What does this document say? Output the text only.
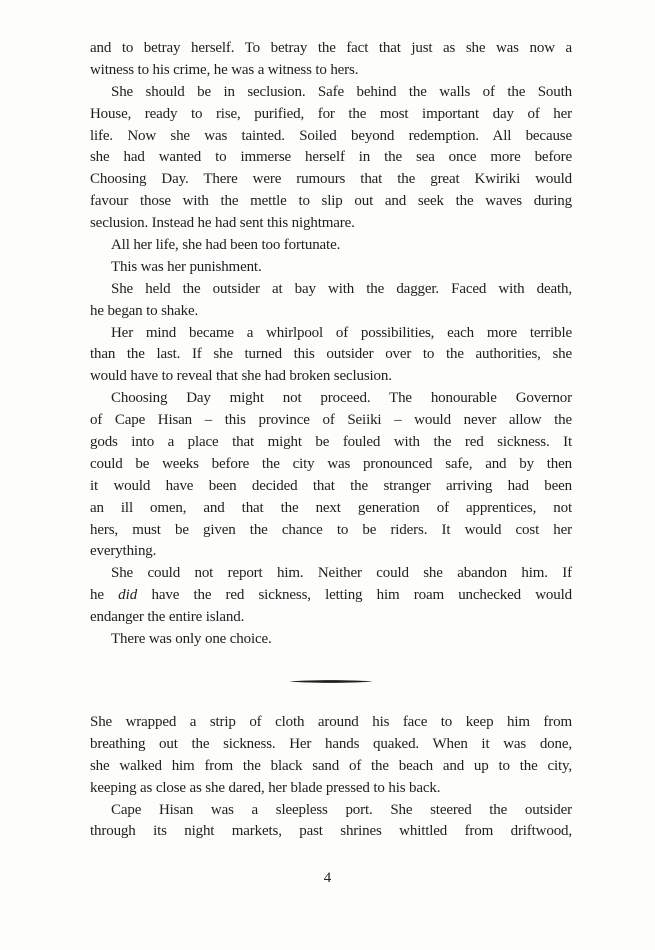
and to betray herself. To betray the fact that just as she was now a
witness to his crime, he was a witness to hers.
She should be in seclusion. Safe behind the walls of the South
House, ready to rise, purified, for the most important day of her
life. Now she was tainted. Soiled beyond redemption. All because
she had wanted to immerse herself in the sea once more before
Choosing Day. There were rumours that the great Kwiriki would
favour those with the mettle to slip out and seek the waves during
seclusion. Instead he had sent this nightmare.
All her life, she had been too fortunate.
This was her punishment.
She held the outsider at bay with the dagger. Faced with death,
he began to shake.
Her mind became a whirlpool of possibilities, each more terrible
than the last. If she turned this outsider over to the authorities, she
would have to reveal that she had broken seclusion.
Choosing Day might not proceed. The honourable Governor
of Cape Hisan – this province of Seiiki – would never allow the
gods into a place that might be fouled with the red sickness. It
could be weeks before the city was pronounced safe, and by then
it would have been decided that the stranger arriving had been
an ill omen, and that the next generation of apprentices, not
hers, must be given the chance to be riders. It would cost her
everything.
She could not report him. Neither could she abandon him. If
he did have the red sickness, letting him roam unchecked would
endanger the entire island.
There was only one choice.
She wrapped a strip of cloth around his face to keep him from
breathing out the sickness. Her hands quaked. When it was done,
she walked him from the black sand of the beach and up to the city,
keeping as close as she dared, her blade pressed to his back.
Cape Hisan was a sleepless port. She steered the outsider
through its night markets, past shrines whittled from driftwood,
4
